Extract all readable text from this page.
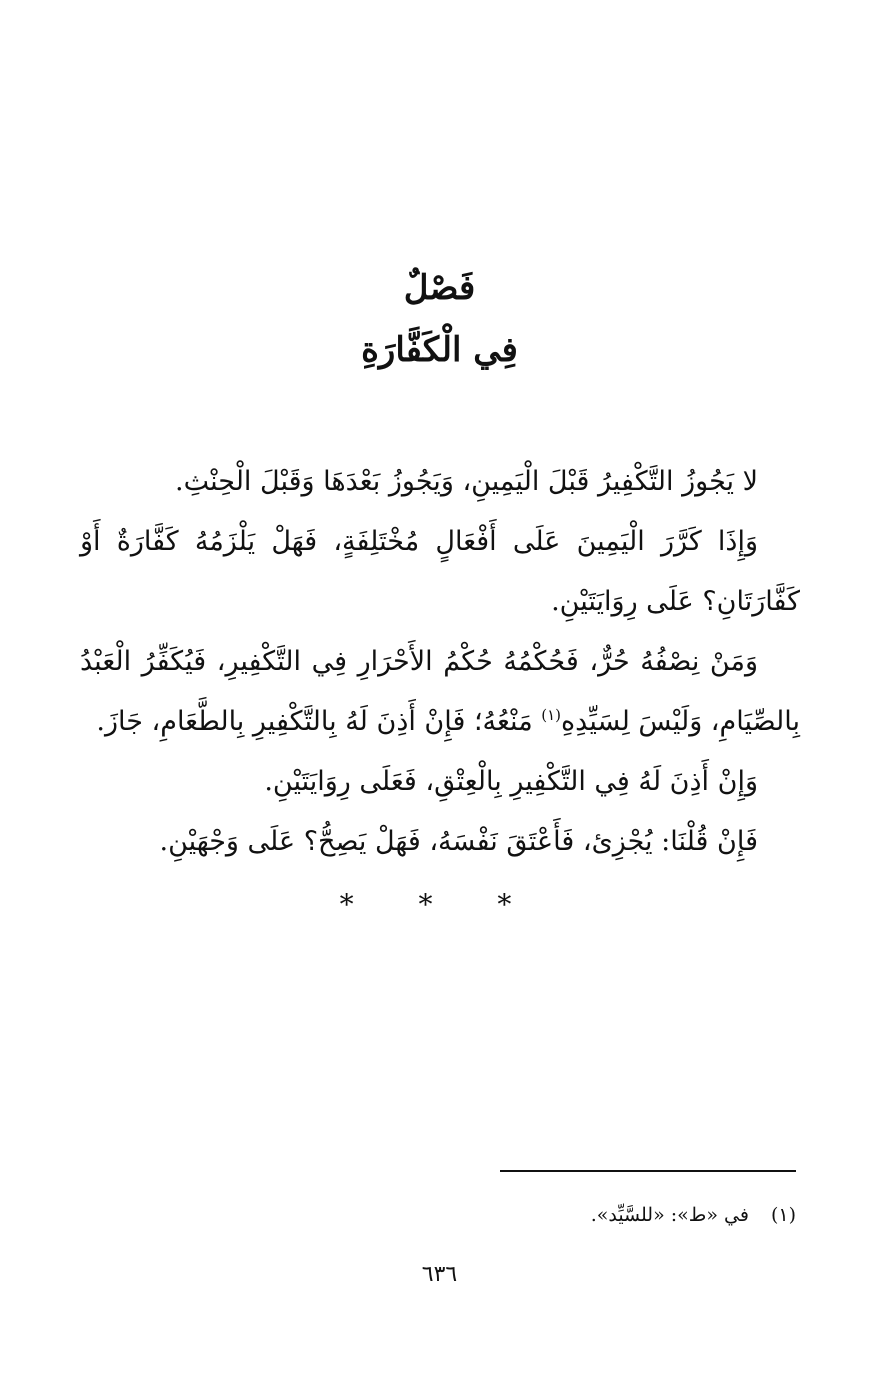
فَصْلٌ
فِي الْكَفَّارَةِ

لا يَجُوزُ التَّكْفِيرُ قَبْلَ الْيَمِينِ، وَيَجُوزُ بَعْدَهَا وَقَبْلَ الْحِنْثِ.

وَإِذَا كَرَّرَ الْيَمِينَ عَلَى أَفْعَالٍ مُخْتَلِفَةٍ، فَهَلْ يَلْزَمُهُ كَفَّارَةٌ أَوْ كَفَّارَتَانِ؟ عَلَى رِوَايَتَيْنِ.

وَمَنْ نِصْفُهُ حُرٌّ، فَحُكْمُهُ حُكْمُ الأَحْرَارِ فِي التَّكْفِيرِ، فَيُكَفِّرُ الْعَبْدُ بِالصِّيَامِ، وَلَيْسَ لِسَيِّدِهِ$^{(١)}$ مَنْعُهُ؛ فَإِنْ أَذِنَ لَهُ بِالتَّكْفِيرِ بِالطَّعَامِ، جَازَ.

وَإِنْ أَذِنَ لَهُ فِي التَّكْفِيرِ بِالْعِتْقِ، فَعَلَى رِوَايَتَيْنِ.

فَإِنْ قُلْنَا: يُجْزِئ، فَأَعْتَقَ نَفْسَهُ، فَهَلْ يَصِحُّ؟ عَلَى وَجْهَيْنِ.

* * *
(١)في «ط»: «للسَّيِّد».
٦٣٦
